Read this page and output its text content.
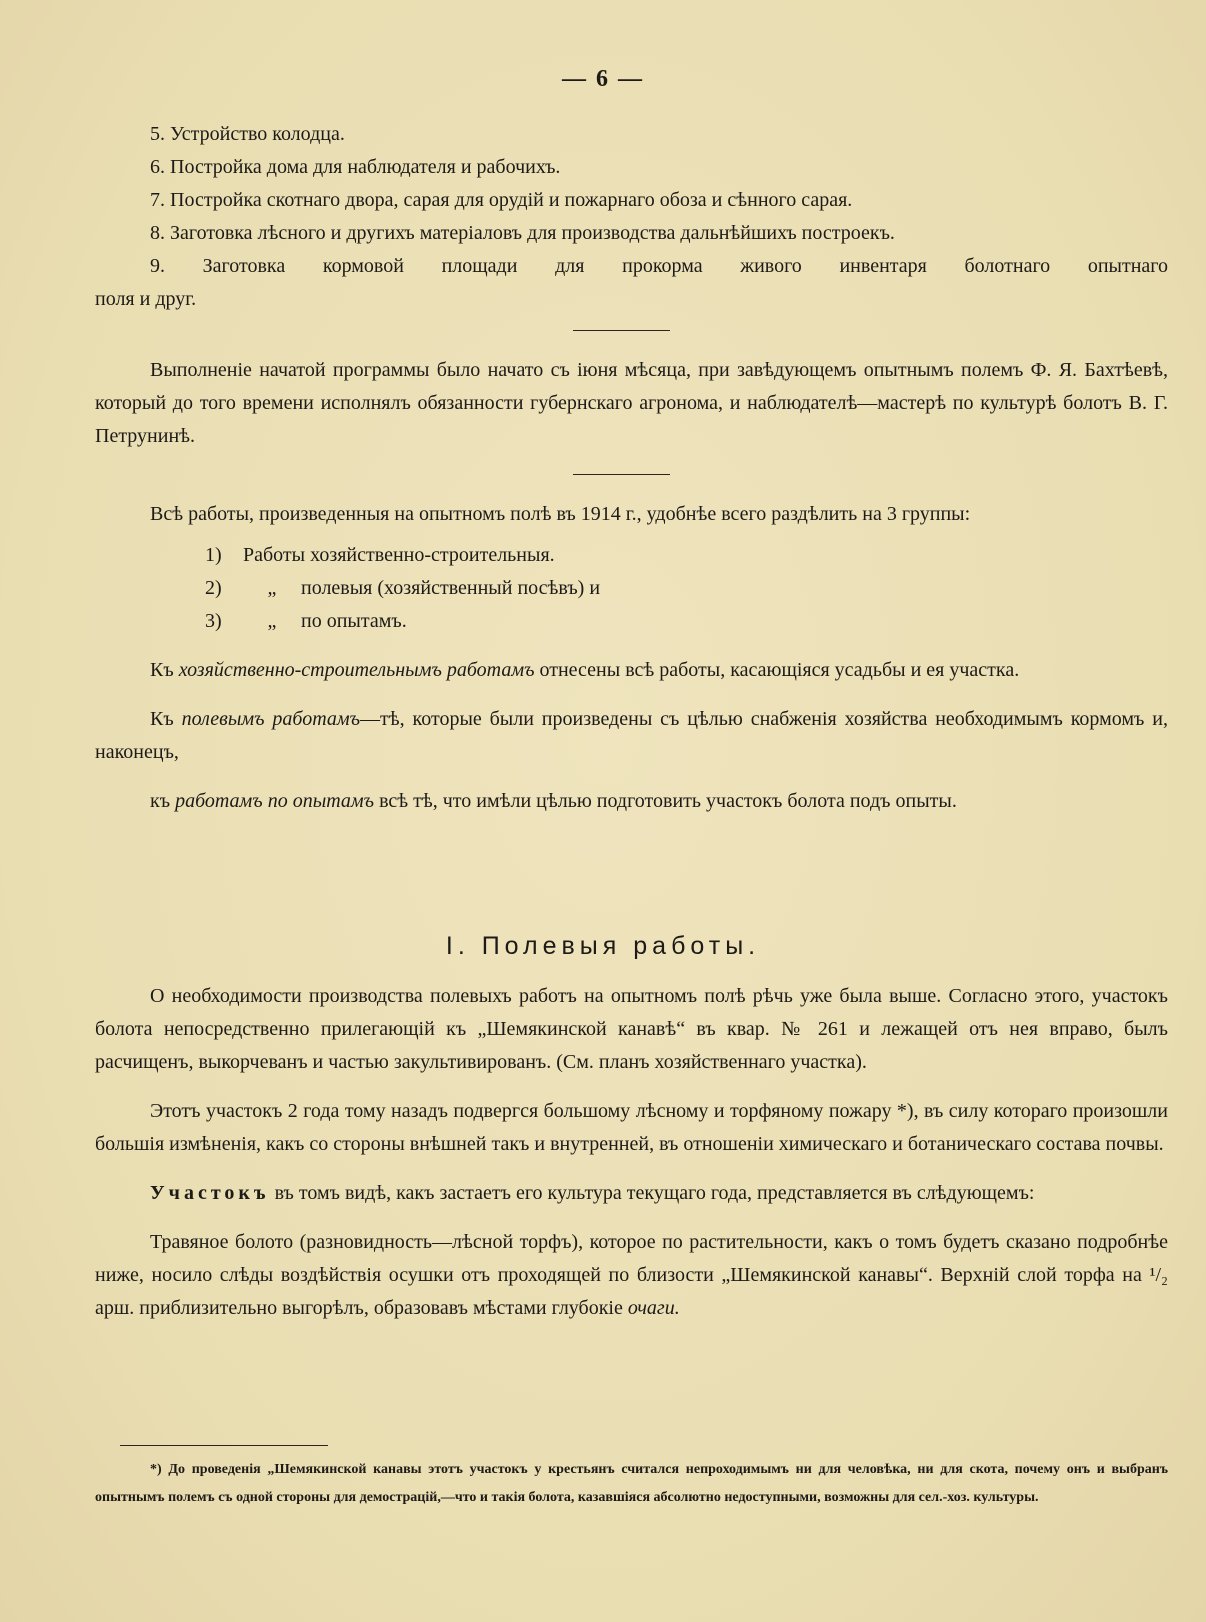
— 6 —
5. Устройство колодца.
6. Постройка дома для наблюдателя и рабочихъ.
7. Постройка скотнаго двора, сарая для орудій и пожарнаго обоза и сѣнного сарая.
8. Заготовка лѣсного и другихъ матеріаловъ для производства дальнѣйшихъ построекъ.
9. Заготовка кормовой площади для прокорма живого инвентаря болотнаго опытнаго
поля и друг.

Выполненіе начатой программы было начато съ іюня мѣсяца, при завѣдующемъ опытнымъ полемъ Ф. Я. Бахтѣевѣ, который до того времени исполнялъ обязанности губернскаго агронома, и наблюдателѣ—мастерѣ по культурѣ болотъ В. Г. Петрунинѣ.

Всѣ работы, произведенныя на опытномъ полѣ въ 1914 г., удобнѣе всего раздѣлить на 3 группы:

1)	Работы хозяйственно-строительныя.
2)	„	полевыя (хозяйственный посѣвъ) и
3)	„	по опытамъ.

Къ хозяйственно-строительнымъ работамъ отнесены всѣ работы, касающіяся усадьбы и ея участка.

Къ полевымъ работамъ—тѣ, которые были произведены съ цѣлью снабженія хозяйства необходимымъ кормомъ и, наконецъ,

къ работамъ по опытамъ всѣ тѣ, что имѣли цѣлью подготовить участокъ болота подъ опыты.

I. Полевыя работы.

О необходимости производства полевыхъ работъ на опытномъ полѣ рѣчь уже была выше. Согласно этого, участокъ болота непосредственно прилегающій къ „Шемякинской канавѣ“ въ квар. № 261 и лежащей отъ нея вправо, былъ расчищенъ, выкорчеванъ и частью закультивированъ. (См. планъ хозяйственнаго участка).

Этотъ участокъ 2 года тому назадъ подвергся большому лѣсному и торфяному пожару *), въ силу котораго произошли большія измѣненія, какъ со стороны внѣшней такъ и внутренней, въ отношеніи химическаго и ботаническаго состава почвы.

Участокъ въ томъ видѣ, какъ застаетъ его культура текущаго года, представляется въ слѣдующемъ:

Травяное болото (разновидность—лѣсной торфъ), которое по растительности, какъ о томъ будетъ сказано подробнѣе ниже, носило слѣды воздѣйствія осушки отъ проходящей по близости „Шемякинской канавы“. Верхній слой торфа на ¹/₂ арш. приблизительно выгорѣлъ, образовавъ мѣстами глубокіе очаги.

*) До проведенія „Шемякинской канавы этотъ участокъ у крестьянъ считался непроходимымъ ни для человѣка, ни для скота, почему онъ и выбранъ опытнымъ полемъ съ одной стороны для демострацій,—что и такія болота, казавшіяся абсолютно недоступными, возможны для сел.-хоз. культуры.
